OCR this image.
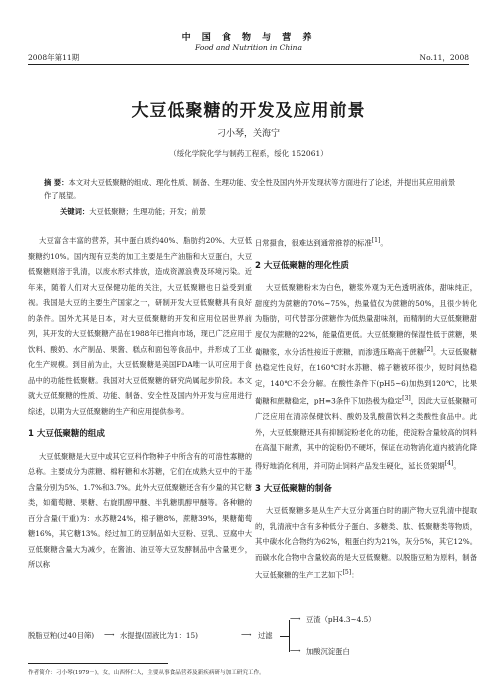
2008年第11期
中 国 食 物 与 营 养
Food and Nutrition in China
No.11，2008
大豆低聚糖的开发及应用前景
刁小琴，关海宁
（绥化学院化学与制药工程系，绥化 152061）
摘 要：本文对大豆低聚糖的组成、理化性质、制备、生理功能、安全性及国内外开发现状等方面进行了论述，并提出其应用前景作了展望。
关键词：大豆低聚糖；生理功能；开发；前景

大豆富含丰富的营养，其中蛋白质约40%、脂肪约20%、大豆低聚糖约10%。国内现有豆类的加工主要是生产油脂和大豆蛋白，大豆低聚糖则溶于乳清，以废水形式排放，造成资源浪费及环境污染。近年来，随着人们对大豆保健功能的关注，大豆低聚糖也日益受到重视。我国是大豆的主要生产国家之一，研制开发大豆低聚糖具有良好的条件。国外尤其是日本，对大豆低聚糖的开发和应用位居世界前列，其开发的大豆低聚糖产品在1988年已推向市场，现已广泛应用于饮料、酸奶、水产制品、果酱、糕点和面包等食品中，并形成了工业化生产规模。到目前为止，大豆低聚糖是美国FDA唯一认可应用于食品中的功能性低聚糖。我国对大豆低聚糖的研究尚属起步阶段。本文就大豆低聚糖的性质、功能、制备、安全性及国内外开发与应用进行综述，以期为大豆低聚糖的生产和应用提供参考。

1 大豆低聚糖的组成

大豆低聚糖是大豆中或其它豆科作物种子中所含有的可溶性寡糖的总称。主要成分为蔗糖、棉籽糖和水苏糖，它们在成熟大豆中的干基含量分别为5%、1.7%和3.7%。此外大豆低聚糖还含有少量的其它糖类，如葡萄糖、果糖、右旋肌醇甲醚、半乳糖肌醇甲醚等。各种糖的百分含量(干重)为：水苏糖24%，棉子糖8%，蔗糖39%，果糖葡萄糖16%，其它糖13%。经过加工的豆制品如大豆粉、豆乳、豆腐中大豆低聚糖含量大为减少，在酱油、油豆等大豆发酵制品中含量更少，所以称

日常摄食，很难达到通常推荐的标准[1]。

2 大豆低聚糖的理化性质

大豆低聚糖粉末为白色，糖浆外观为无色透明液体，甜味纯正，甜度约为蔗糖的70%~75%，热量值仅为蔗糖的50%，且很少转化为脂肪，可代替部分蔗糖作为低热量甜味剂，而精制的大豆低聚糖甜度仅为蔗糖的22%，能量值更低。大豆低聚糖的保湿性低于蔗糖，果葡糖浆，水分活性接近于蔗糖，而渗透压略高于蔗糖[2]。大豆低聚糖热稳定性良好，在160℃时水苏糖、棉子糖被环很少，短时间热稳定，140℃不会分解。在酸性条件下(pH5~6)加热到120℃，比果葡糖和蔗糖稳定，pH=3条件下加热极为稳定[3]，因此大豆低聚糖可广泛应用在清凉保健饮料、酸奶及乳酸菌饮料之类酸性食品中。此外，大豆低聚糖还具有抑制淀粉老化的功能，使淀粉含量较高的饲料在高温下耐煮，其中的淀粉仍不硬坏，保证在动物消化道内被消化降得好地消化利用，并可防止饲料产品发生硬化，延长货架期[4]。

3 大豆低聚糖的制备

大豆低聚糖多是从生产大豆分离蛋白时的副产物大豆乳清中提取的，乳清液中含有多种低分子蛋白、多糖类、肽、低聚糖类等物质，其中碳水化合物约为62%，粗蛋白约为21%，灰分5%，其它12%。而碳水化合物中含量较高的是大豆低聚糖。以脱脂豆粕为原料，制备大豆低聚糖的生产工艺如下[5]：

脱脂豆粕(过40目筛) ⟶ 水提提(固液比为1：15)	⟶ 过滤
⟶ 豆渣（pH4.3~4.5）
⟶ 加酸沉淀蛋白
作者简介：刁小琴(1979－)，女，山西怀仁人，主要从事食品营养及新疾病研与加工研究工作。
